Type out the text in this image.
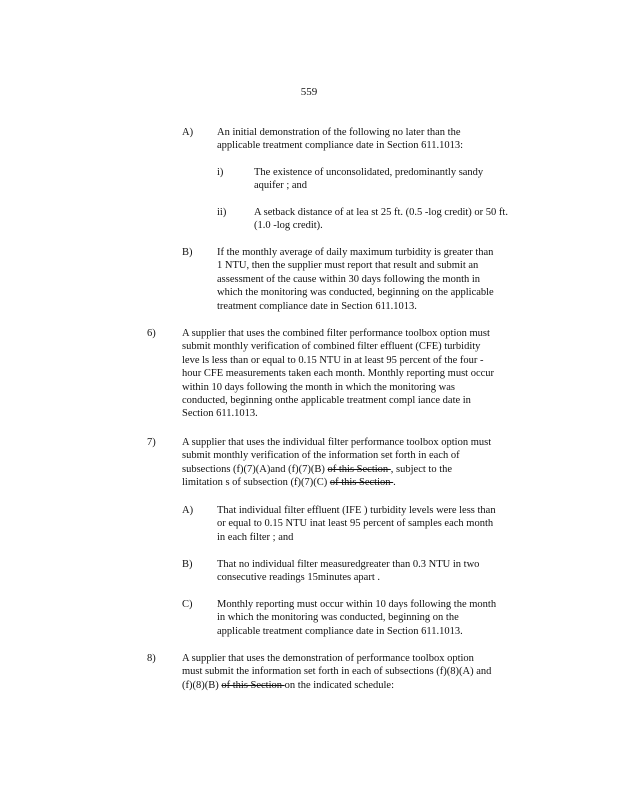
559
A) An initial demonstration of the following no later than the
applicable treatment compliance date in Section 611.1013:
i)	The existence of unconsolidated, predominantly sandy
aquifer ; and
ii)	A setback distance of at lea st 25 ft. (0.5 -log credit) or 50 ft.
(1.0 -log credit).
B) If the monthly average of daily maximum turbidity is greater than
1 NTU, then the supplier must report that result and submit an
assessment of the cause within 30 days following the month in
which the monitoring was conducted, beginning on the applicable
treatment compliance date in Section 611.1013.
6)	A supplier that uses the combined filter performance toolbox option must
submit monthly verification of combined filter effluent (CFE) turbidity
leve ls less than or equal to 0.15 NTU in at least 95 percent of the four -
hour CFE measurements taken each month. Monthly reporting must occur
within 10 days following the month in which the monitoring was
conducted, beginning onthe applicable treatment compl iance date in
Section 611.1013.
7)	A supplier that uses the individual filter performance toolbox option must
submit monthly verification of the information set forth in each of
subsections (f)(7)(A)and (f)(7)(B) of this Section , subject to the
limitation s of subsection (f)(7)(C) of this Section .
A) That individual filter effluent (IFE ) turbidity levels were less than
or equal to 0.15 NTU inat least 95 percent of samples each month
in each filter ; and
B) That no individual filter measuredgreater than 0.3 NTU in two
consecutive readings 15minutes apart .
C) Monthly reporting must occur within 10 days following the month
in which the monitoring was conducted, beginning on the
applicable treatment compliance date in Section 611.1013.
8)	A supplier that uses the demonstration of performance toolbox option
must submit the information set forth in each of subsections (f)(8)(A) and
(f)(8)(B) of this Section on the indicated schedule:
